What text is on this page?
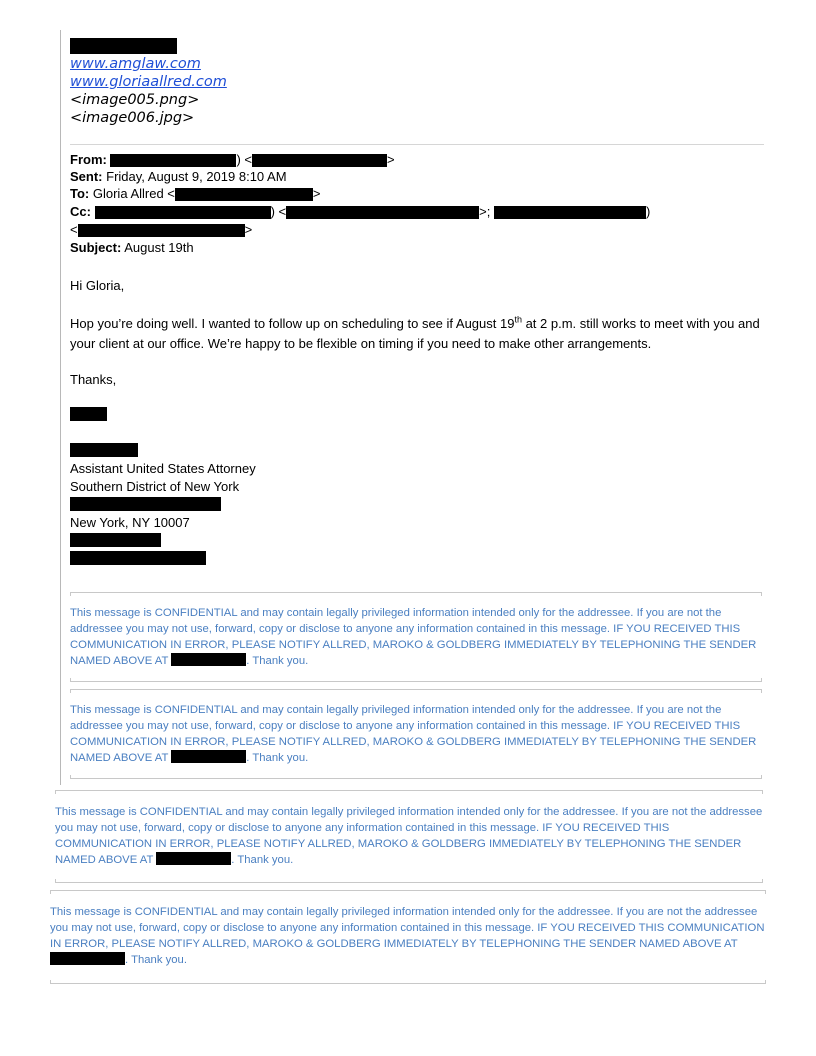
www.amglaw.com
www.gloriaallred.com
<image005.png>
<image006.jpg>
From:	) <	>
Sent: Friday, August 9, 2019 8:10 AM
To: Gloria Allred <	>
Cc:	) <	>;	)
<	>
Subject: August 19th
Hi Gloria,
Hop you’re doing well. I wanted to follow up on scheduling to see if August 19th at 2 p.m. still works to meet with you and your client at our office. We’re happy to be flexible on timing if you need to make other arrangements.
Thanks,
Assistant United States Attorney
Southern District of New York
New York, NY 10007
This message is CONFIDENTIAL and may contain legally privileged information intended only for the addressee. If you are not the addressee you may not use, forward, copy or disclose to anyone any information contained in this message. IF YOU RECEIVED THIS COMMUNICATION IN ERROR, PLEASE NOTIFY ALLRED, MAROKO & GOLDBERG IMMEDIATELY BY TELEPHONING THE SENDER NAMED ABOVE AT	. Thank you.
This message is CONFIDENTIAL and may contain legally privileged information intended only for the addressee. If you are not the addressee you may not use, forward, copy or disclose to anyone any information contained in this message. IF YOU RECEIVED THIS COMMUNICATION IN ERROR, PLEASE NOTIFY ALLRED, MAROKO & GOLDBERG IMMEDIATELY BY TELEPHONING THE SENDER NAMED ABOVE AT	. Thank you.
This message is CONFIDENTIAL and may contain legally privileged information intended only for the addressee. If you are not the addressee you may not use, forward, copy or disclose to anyone any information contained in this message. IF YOU RECEIVED THIS COMMUNICATION IN ERROR, PLEASE NOTIFY ALLRED, MAROKO & GOLDBERG IMMEDIATELY BY TELEPHONING THE SENDER NAMED ABOVE AT	. Thank you.
This message is CONFIDENTIAL and may contain legally privileged information intended only for the addressee. If you are not the addressee you may not use, forward, copy or disclose to anyone any information contained in this message. IF YOU RECEIVED THIS COMMUNICATION IN ERROR, PLEASE NOTIFY ALLRED, MAROKO & GOLDBERG IMMEDIATELY BY TELEPHONING THE SENDER NAMED ABOVE AT . Thank you.
